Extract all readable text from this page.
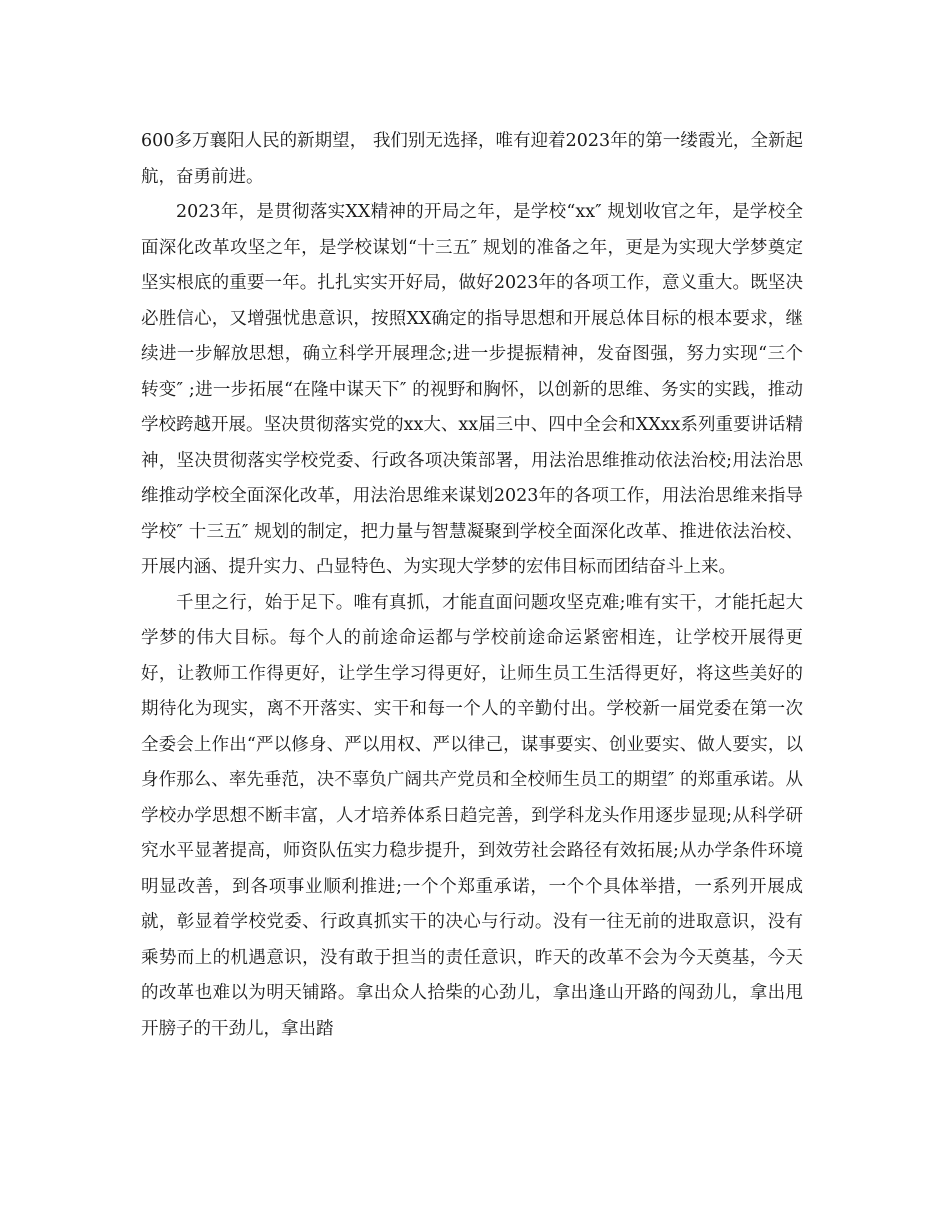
600多万襄阳人民的新期望， 我们别无选择，唯有迎着2023年的第一缕霞光，全新起航，奋勇前进。

2023年，是贯彻落实XX精神的开局之年，是学校“xx″ 规划收官之年，是学校全面深化改革攻坚之年，是学校谋划“十三五″ 规划的准备之年，更是为实现大学梦奠定坚实根底的重要一年。扎扎实实开好局，做好2023年的各项工作，意义重大。既坚决必胜信心，又增强忧患意识，按照XX确定的指导思想和开展总体目标的根本要求，继续进一步解放思想，确立科学开展理念;进一步提振精神，发奋图强，努力实现“三个转变″ ;进一步拓展“在隆中谋天下″ 的视野和胸怀，以创新的思维、务实的实践，推动学校跨越开展。坚决贯彻落实党的xx大、xx届三中、四中全会和XXxx系列重要讲话精神，坚决贯彻落实学校党委、行政各项决策部署，用法治思维推动依法治校;用法治思维推动学校全面深化改革，用法治思维来谋划2023年的各项工作，用法治思维来指导学校″ 十三五″ 规划的制定，把力量与智慧凝聚到学校全面深化改革、推进依法治校、开展内涵、提升实力、凸显特色、为实现大学梦的宏伟目标而团结奋斗上来。

千里之行，始于足下。唯有真抓，才能直面问题攻坚克难;唯有实干，才能托起大学梦的伟大目标。每个人的前途命运都与学校前途命运紧密相连，让学校开展得更好，让教师工作得更好，让学生学习得更好，让师生员工生活得更好，将这些美好的期待化为现实，离不开落实、实干和每一个人的辛勤付出。学校新一届党委在第一次全委会上作出“严以修身、严以用权、严以律己，谋事要实、创业要实、做人要实，以身作那么、率先垂范，决不辜负广阔共产党员和全校师生员工的期望″ 的郑重承诺。从学校办学思想不断丰富，人才培养体系日趋完善，到学科龙头作用逐步显现;从科学研究水平显著提高，师资队伍实力稳步提升，到效劳社会路径有效拓展;从办学条件环境明显改善，到各项事业顺利推进;一个个郑重承诺，一个个具体举措，一系列开展成就，彰显着学校党委、行政真抓实干的决心与行动。没有一往无前的进取意识，没有乘势而上的机遇意识，没有敢于担当的责任意识，昨天的改革不会为今天奠基，今天的改革也难以为明天铺路。拿出众人拾柴的心劲儿，拿出逢山开路的闯劲儿，拿出甩开膀子的干劲儿，拿出踏
